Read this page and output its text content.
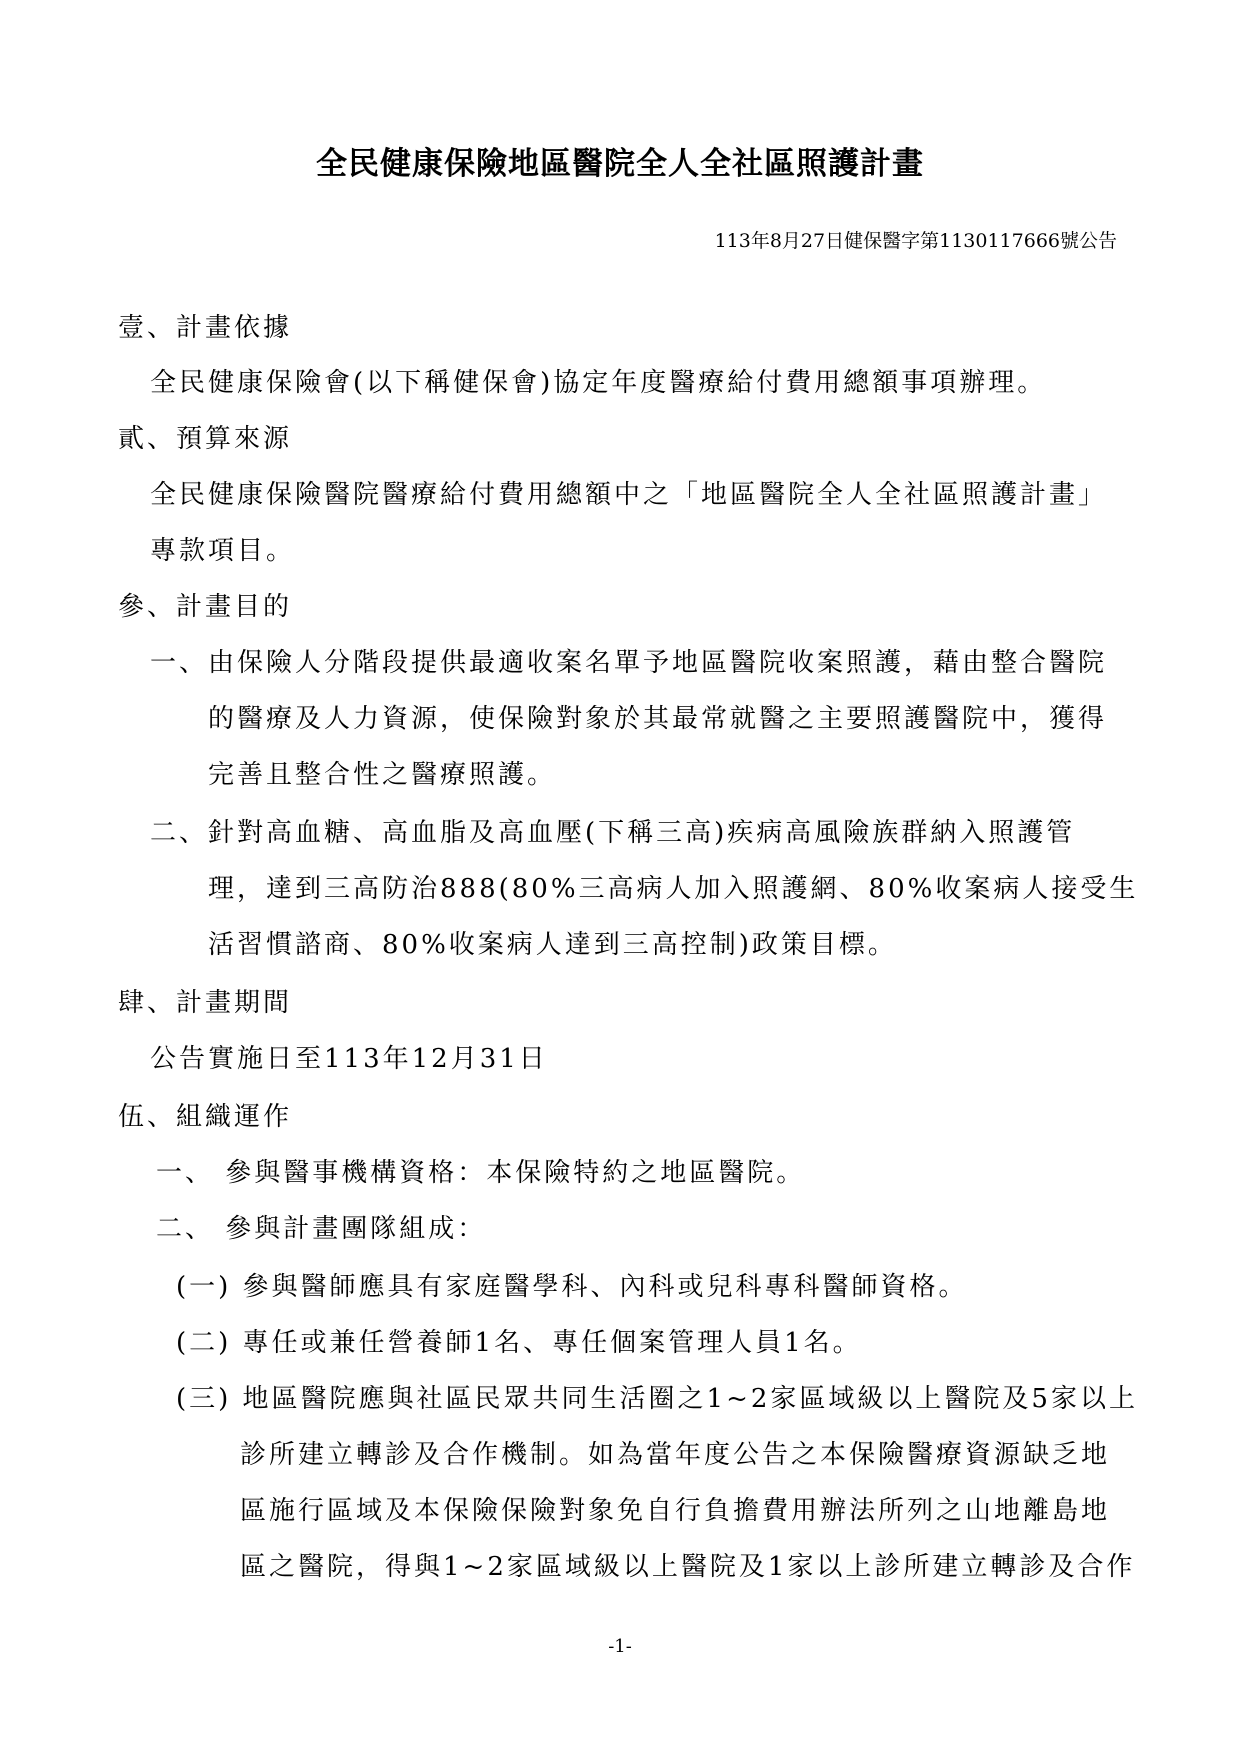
全民健康保險地區醫院全人全社區照護計畫
113年8月27日健保醫字第1130117666號公告
壹、計畫依據
全民健康保險會(以下稱健保會)協定年度醫療給付費用總額事項辦理。
貳、預算來源
全民健康保險醫院醫療給付費用總額中之「地區醫院全人全社區照護計畫」
專款項目。
參、計畫目的
一、由保險人分階段提供最適收案名單予地區醫院收案照護，藉由整合醫院
的醫療及人力資源，使保險對象於其最常就醫之主要照護醫院中，獲得
完善且整合性之醫療照護。
二、針對高血糖、高血脂及高血壓(下稱三高)疾病高風險族群納入照護管
理，達到三高防治888(80%三高病人加入照護網、80%收案病人接受生
活習慣諮商、80%收案病人達到三高控制)政策目標。
肆、計畫期間
公告實施日至113年12月31日
伍、組織運作
一、 參與醫事機構資格：本保險特約之地區醫院。
二、 參與計畫團隊組成：
(一) 參與醫師應具有家庭醫學科、內科或兒科專科醫師資格。
(二) 專任或兼任營養師1名、專任個案管理人員1名。
(三) 地區醫院應與社區民眾共同生活圈之1~2家區域級以上醫院及5家以上
診所建立轉診及合作機制。如為當年度公告之本保險醫療資源缺乏地
區施行區域及本保險保險對象免自行負擔費用辦法所列之山地離島地
區之醫院，得與1~2家區域級以上醫院及1家以上診所建立轉診及合作
-1-
